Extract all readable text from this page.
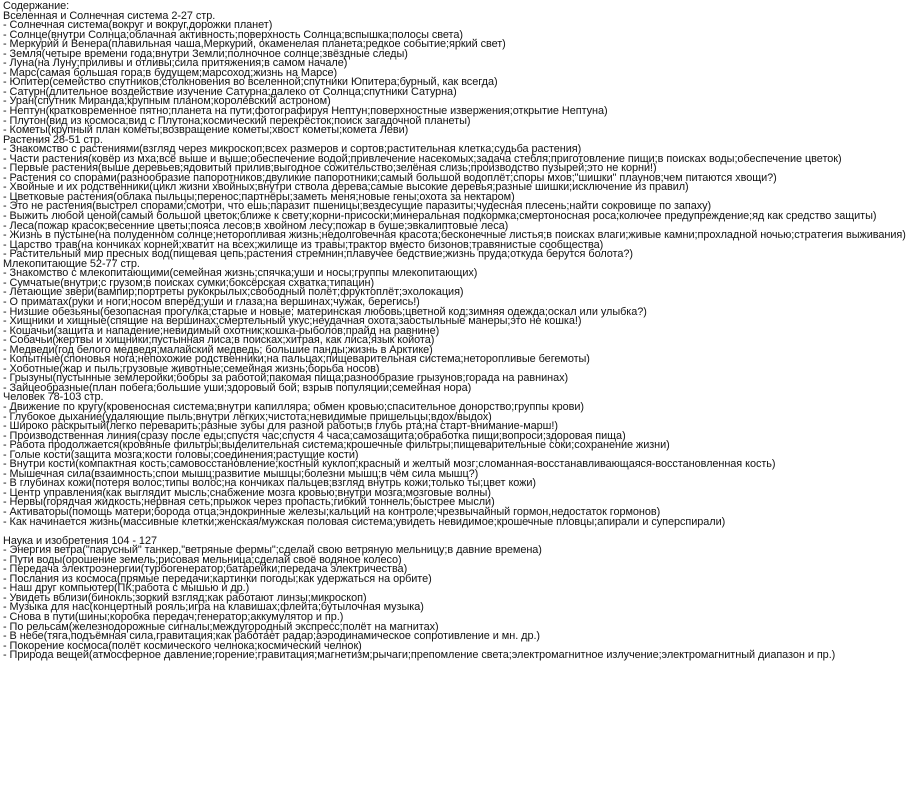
Содержание:
Вселенная и Солнечная система 2-27 стр.
- Солнечная система(вокруг и вокруг,дорожки планет)
- Солнце(внутри Солнца;облачная активность;поверхность Солнца;вспышка;полосы света)
- Меркурий и Венера(плавильная чаша,Меркурий, окаменелая планета;редкое событие;яркий свет)
- Земля(четыре времени года;внутри Земли;полночное солнце;звёздные следы)
- Луна(на Луну;приливы и отливы;сила притяжения;в самом начале)
- Марс(самая большая гора;в будущем;марсоход;жизнь на Марсе)
- Юпитер(семейство спутников;столкновения во вселенной;спутники Юпитера;бурный, как всегда)
- Сатурн(длительное воздействие изучение Сатурна;далеко от Солнца;спутники Сатурна)
- Уран(спутник Миранда;крупным планом;королевский астроном)
- Нептун(кратковременное пятно;планета на пути;фотографируя Нептун;поверхностные извержения;открытие Нептуна)
- Плутон(вид из космоса;вид с Плутона;космический перекрёсток;поиск загадочной планеты)
- Кометы(крупный план кометы;возвращение кометы;хвост кометы;комета Леви)
Растения 28-51 стр.
- Знакомство с растениями(взгляд через микроскоп;всех размеров и сортов;растительная клетка;судьба растения)
- Части растения(ковёр из мха;всё выше и выше;обеспечение водой;привлечение насекомых;задача стебля;приготовление пищи;в поисках воды;обеспечение цветок)
- Первые растения(выше деревьев;ядовитый прилив;выгодное сожительство;зелёная слизь;производство пузырей;это не корни!)
- Растения со спорами(разнообразие папоротников;двуликие папоротники;самый большой водоплёт;споры мхов;"шишки" плаунов;чем питаются хвощи?)
- Хвойные и их родственники(цикл жизни хвойных;внутри ствола дерева;самые высокие деревья;разные шишки;исключение из правил)
- Цветковые растения(облака пыльцы;перенос;партнёры;заметь меня;новые гены;охота за нектаром)
- Это не растения(выстрел спорами;смотри, что ешь;паразит пшеницы;вездесущие паразиты;чудесная плесень;найти сокровище по запаху)
- Выжить любой ценой(самый большой цветок;ближе к свету;корни-присоски;минеральная подкормка;смертоносная роса;колючее предупреждение;яд как средство защиты)
- Леса(пожар красок;весенние цветы;пояса лесов;в хвойном лесу;пожар в буше;эвкалиптовые леса)
- Жизнь в пустыне(на полуденном солнце;неторопливая жизнь;недолговечная красота;бесконечные листья;в поисках влаги;живые камни;прохладной ночью;стратегия выживания)
- Царство трав(на кончиках корней;хватит на всех;жилище из травы;трактор вместо бизонов;травянистые сообщества)
- Растительный мир пресных вод(пищевая цепь;растения стремнин;плавучее бедствие;жизнь пруда;откуда берутся болота?)
Млекопитающие 52-77 стр.
- Знакомство с млекопитающими(семейная жизнь;спячка;уши и носы;группы млекопитающих)
- Сумчатые(внутри;с грузом;в поисках сумки;боксёрская схватка;типацин)
- Летающие звери(вампир;портреты рукокрылых;свободный полёт;фруктоплёт;эхолокация)
- О приматах(руки и ноги;носом вперёд;уши и глаза;на вершинах;чужак, берегись!)
- Низшие обезьяны(безопасная прогулка;старые и новые; материнская любовь;цветной код;зимняя одежда;оскал или улыбка?)
- Хищники и хищные(спящие на вершинах;смертельный укус;неудачная охота;заостыльные манеры;это не кошка!)
- Кошачьи(защита и нападение;невидимый охотник;кошка-рыболов;прайд на равнине)
- Собачьи(жертвы и хищники;пустынная лиса;в поисках;хитрая, как лиса;язык койота)
- Медведи(год белого медведя;малайский медведь; большие панды;жизнь в Арктике)
- Копытные(споновья нога;непохожие родственники;на пальцах;пищеварительная система;неторопливые бегемоты)
- Хоботные(жар и пыль;грузовые животные;семейная жизнь;борьба носов)
- Грызуны(пустынные землеройки;бобры за работой;пакомая пища;разнообразие грызунов;горада на равнинах)
- Зайцеобразные(план побега;большие уши;здоровый бой; взрыв популяции;семейная нора)
Человек 78-103 стр.
- Движение по кругу(кровеносная система;внутри капилляра; обмен кровью;спасительное донорство;группы крови)
- Глубокое дыхание(удаляющие пыль;внутри лёгких;чистота;невидимые пришельцы;вдох/выдох)
- Широко раскрытый(легко переварить;разные зубы для разной работы;в глубь рта;на старт-внимание-марш!)
- Производственная линия(сразу после еды;спустя час;спустя 4 часа;самозащита;обработка пищи;вопроси;здоровая пища)
- Работа продолжается(кровяные фильтры;выделительная система;крошечные фильтры;пищеварительные соки;сохранение жизни)
- Голые кости(защита мозга;кости головы;соединения;растущие кости)
- Внутри кости(компактная кость;самовосстановление;костный куклоп;красный и желтый мозг;сломанная-восстанавливающаяся-восстановленная кость)
- Мышечная сила(взаимность;спои мышц;развитие мышцы;болезни мышц;в чём сила мышц?)
- В глубинах кожи(потеря волос;типы волос;на кончиках пальцев;взгляд внутрь кожи;только ты;цвет кожи)
- Центр управления(как выглядит мысль;снабжение мозга кровью;внутри мозга;мозговые волны)
- Нервы(горядчая жидкость;нервная сеть;прыжок через пропасть;гибкий тоннель;быстрее мысли)
- Активаторы(помощь матери;борода отца;эндокринные железы;кальций на контроле;чрезвычайный гормон,недостаток гормонов)
- Как начинается жизнь(массивные клетки;женская/мужская половая система;увидеть невидимое;крошечные пловцы;апирали и суперспирали)
Наука и изобретения 104 - 127
- Энергия ветра("парусный" танкер,"ветряные фермы";сделай свою ветряную мельницу;в давние времена)
- Пути воды(орошение земель;рисовая мельница;сделай своё водяное колесо)
- Передача электроэнергии(турбогенератор;батарейки;передача электричества)
- Послания из космоса(прямые передачи;картинки погоды;как удержаться на орбите)
- Наш друг компьютер(ПК;работа с мышью и др.)
- Увидеть вблизи(бинокль;зоркий взгляд;как работают линзы;микроскоп)
- Музыка для нас(концертный рояль;игра на клавишах;флейта;бутылочная музыка)
- Снова в пути(шины;коробка передач;генератор;аккумулятор и пр.)
- По рельсам(железнодорожные сигналы;междугородный экспресс;полёт на магнитах)
- В небе(тяга,подъёмная сила,гравитация;как работает радар;аэродинамическое сопротивление и мн. др.)
- Покорение космоса(полёт космического челнока;космический челнок)
- Природа вещей(атмосферное давление;горение;гравитация;магнетизм;рычаги;препомление света;электромагнитное излучение;электромагнитный диапазон и пр.)
